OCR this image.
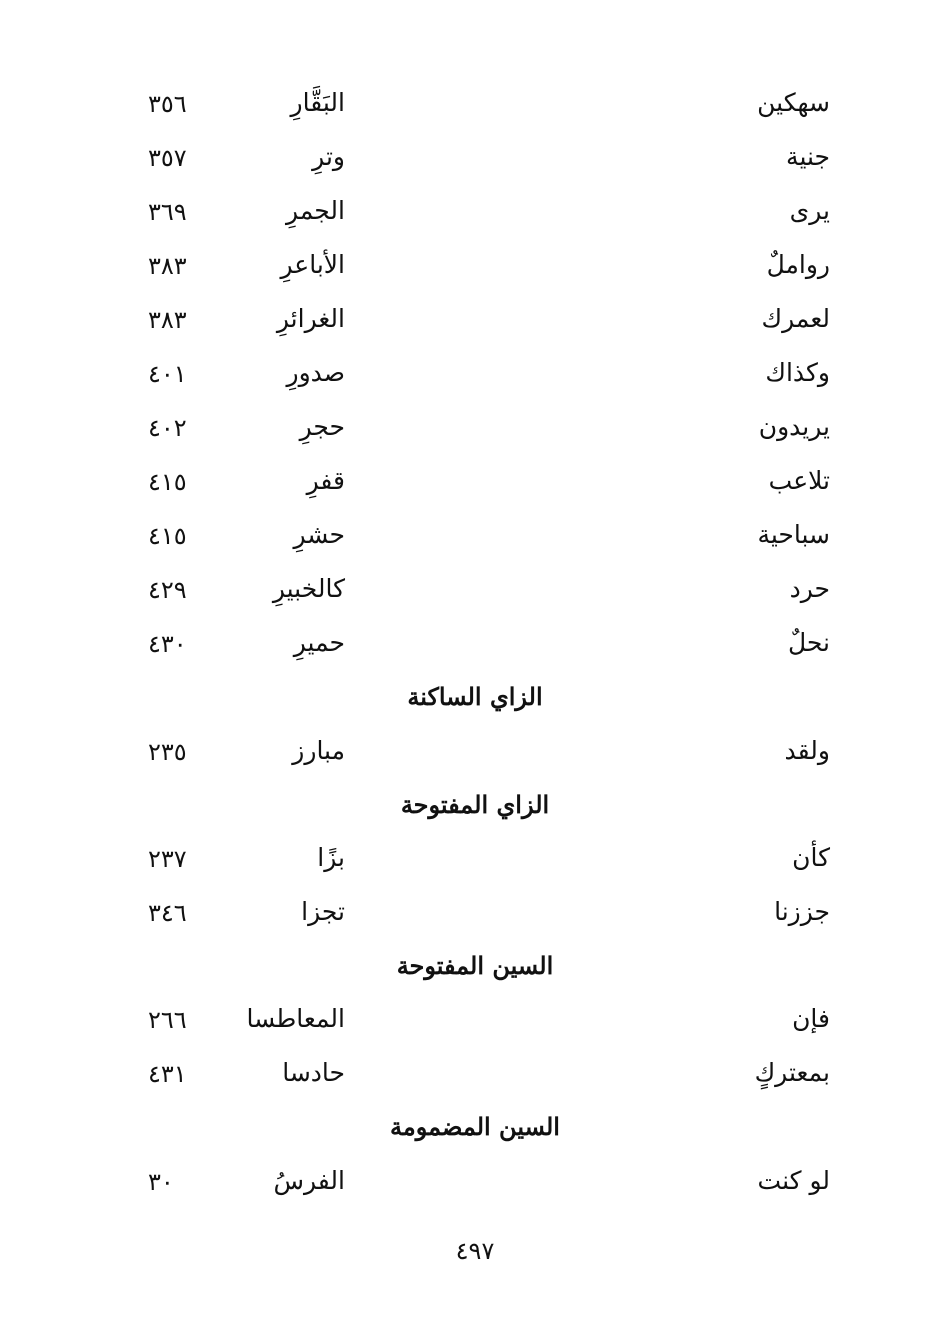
سهكين
البَقَّارِ
٣٥٦
جنية
وترِ
٣٥٧
يرى
الجمرِ
٣٦٩
رواملٌ
الأباعرِ
٣٨٣
لعمرك
الغرائرِ
٣٨٣
وكذاك
صدورِ
٤٠١
يريدون
حجرِ
٤٠٢
تلاعب
قفرِ
٤١٥
سباحية
حشرِ
٤١٥
حرد
كالخبيرِ
٤٢٩
نحلٌ
حميرِ
٤٣٠
الزاي الساكنة
ولقد
مبارز
٢٣٥
الزاي المفتوحة
كأن
بزًا
٢٣٧
جززنا
تجزا
٣٤٦
السين المفتوحة
فإن
المعاطسا
٢٦٦
بمعتركٍ
حادسا
٤٣١
السين المضمومة
لو كنت
الفرسُ
٣٠
٤٩٧
